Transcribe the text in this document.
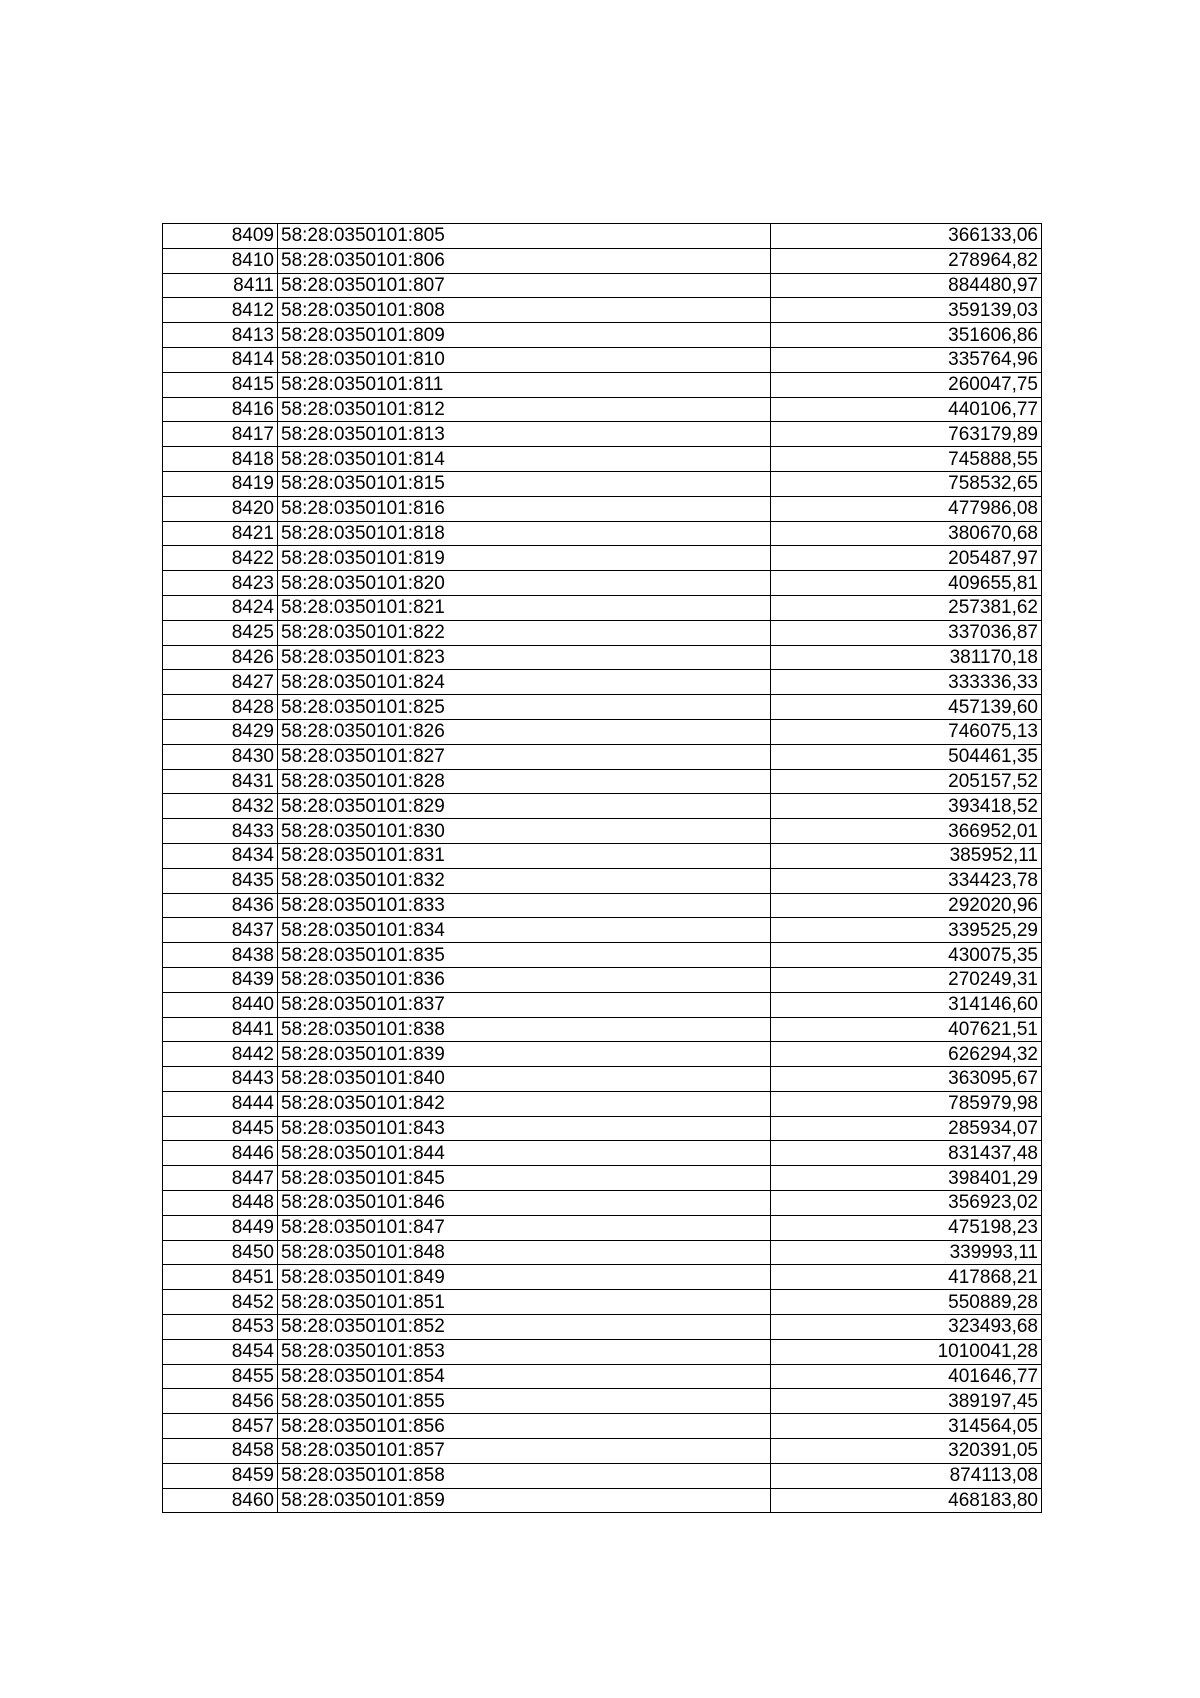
8409	58:28:0350101:805	366133,06
8410	58:28:0350101:806	278964,82
8411	58:28:0350101:807	884480,97
8412	58:28:0350101:808	359139,03
8413	58:28:0350101:809	351606,86
8414	58:28:0350101:810	335764,96
8415	58:28:0350101:811	260047,75
8416	58:28:0350101:812	440106,77
8417	58:28:0350101:813	763179,89
8418	58:28:0350101:814	745888,55
8419	58:28:0350101:815	758532,65
8420	58:28:0350101:816	477986,08
8421	58:28:0350101:818	380670,68
8422	58:28:0350101:819	205487,97
8423	58:28:0350101:820	409655,81
8424	58:28:0350101:821	257381,62
8425	58:28:0350101:822	337036,87
8426	58:28:0350101:823	381170,18
8427	58:28:0350101:824	333336,33
8428	58:28:0350101:825	457139,60
8429	58:28:0350101:826	746075,13
8430	58:28:0350101:827	504461,35
8431	58:28:0350101:828	205157,52
8432	58:28:0350101:829	393418,52
8433	58:28:0350101:830	366952,01
8434	58:28:0350101:831	385952,11
8435	58:28:0350101:832	334423,78
8436	58:28:0350101:833	292020,96
8437	58:28:0350101:834	339525,29
8438	58:28:0350101:835	430075,35
8439	58:28:0350101:836	270249,31
8440	58:28:0350101:837	314146,60
8441	58:28:0350101:838	407621,51
8442	58:28:0350101:839	626294,32
8443	58:28:0350101:840	363095,67
8444	58:28:0350101:842	785979,98
8445	58:28:0350101:843	285934,07
8446	58:28:0350101:844	831437,48
8447	58:28:0350101:845	398401,29
8448	58:28:0350101:846	356923,02
8449	58:28:0350101:847	475198,23
8450	58:28:0350101:848	339993,11
8451	58:28:0350101:849	417868,21
8452	58:28:0350101:851	550889,28
8453	58:28:0350101:852	323493,68
8454	58:28:0350101:853	1010041,28
8455	58:28:0350101:854	401646,77
8456	58:28:0350101:855	389197,45
8457	58:28:0350101:856	314564,05
8458	58:28:0350101:857	320391,05
8459	58:28:0350101:858	874113,08
8460	58:28:0350101:859	468183,80
